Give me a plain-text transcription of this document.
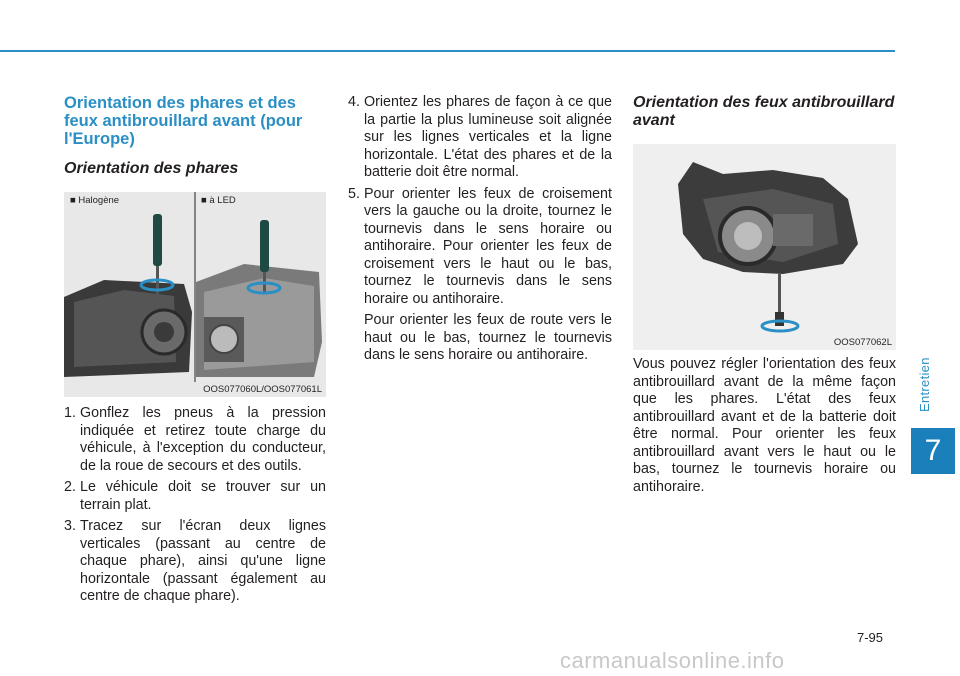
Orientation des phares et des feux antibrouillard avant (pour l'Europe)
Orientation des phares
■ Halogène	■ à LED
OOS077060L/OOS077061L
1. Gonflez les pneus à la pression indiquée et retirez toute charge du véhicule, à l'exception du conducteur, de la roue de secours et des outils.
2. Le véhicule doit se trouver sur un terrain plat.
3. Tracez sur l'écran deux lignes verticales (passant au centre de chaque phare), ainsi qu'une ligne horizontale (passant également au centre de chaque phare).
4. Orientez les phares de façon à ce que la partie la plus lumineuse soit alignée sur les lignes verticales et la ligne horizontale. L'état des phares et de la batterie doit être normal.
5. Pour orienter les feux de croisement vers la gauche ou la droite, tournez le tournevis dans le sens horaire ou antihoraire. Pour orienter les feux de croisement vers le haut ou le bas, tournez le tournevis dans le sens horaire ou antihoraire.
Pour orienter les feux de route vers le haut ou le bas, tournez le tournevis dans le sens horaire ou antihoraire.
Orientation des feux antibrouillard avant
OOS077062L
Vous pouvez régler l'orientation des feux antibrouillard avant de la même façon que les phares. L'état des feux antibrouillard avant et de la batterie doit être normal. Pour orienter les feux antibrouillard avant vers le haut ou le bas, tournez le tournevis horaire ou antihoraire.
Entretien
7
7-95
carmanualsonline.info
